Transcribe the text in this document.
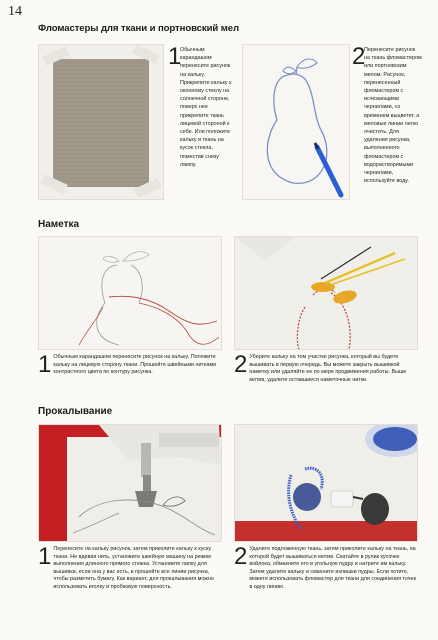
14
Фломастеры для ткани и портновский мел
1
Обычным карандашом перенесите рисунок на кальку. Прикрепите кальку к оконному стеклу на солнечной стороне, поверх нее прикрепите ткань лицевой стороной к себе. Или положите кальку и ткань на кусок стекла, поместив снизу лампу.
2
Перенесите рисунок на ткань фломастером или портновским мелом. Рисунок, перенесенный фломастером с исчезающими чернилами, со временем выцветет, а меловые линии легко очистить. Для удаления рисунка, выполненного фломастером с водорастворимыми чернилами, используйте воду.
Наметка
1 Обычным карандашом перенесите рисунок на кальку. Положите кальку на лицевую сторону ткани. Прошейте швейными нитками контрастного цвета по контуру рисунка.	2 Уберите кальку на том участке рисунка, который вы будете вышивать в первую очередь. Вы можете закрыть вышивкой наметку или удаляйте ее по мере продвижения работы. Выше мотив, удалите оставшиеся наметочные нитки.
Прокалывание
1 Перенесите на кальку рисунок, затем приколите кальку к куску ткани. Не вдевая нить, установите швейную машину на режим выполнения длинного прямого стежка. Установите лапку для вышивки, если она у вас есть, и прошейте все линии рисунка, чтобы разметить бумагу. Как вариант, для прокалывания можно использовать иголку и пробковую поверхность.
2 Удалите подложенную ткань, затем приколите кальку на ткань, на которой будет вышиваться мотив. Скатайте в рулик кусочек войлока, обмакните его в угольную пудру и натрите им кальку. Затем удалите кальку и смахните излишки пудры. Если хотите, можете использовать фломастер для ткани для соединения точек в одну линию.
